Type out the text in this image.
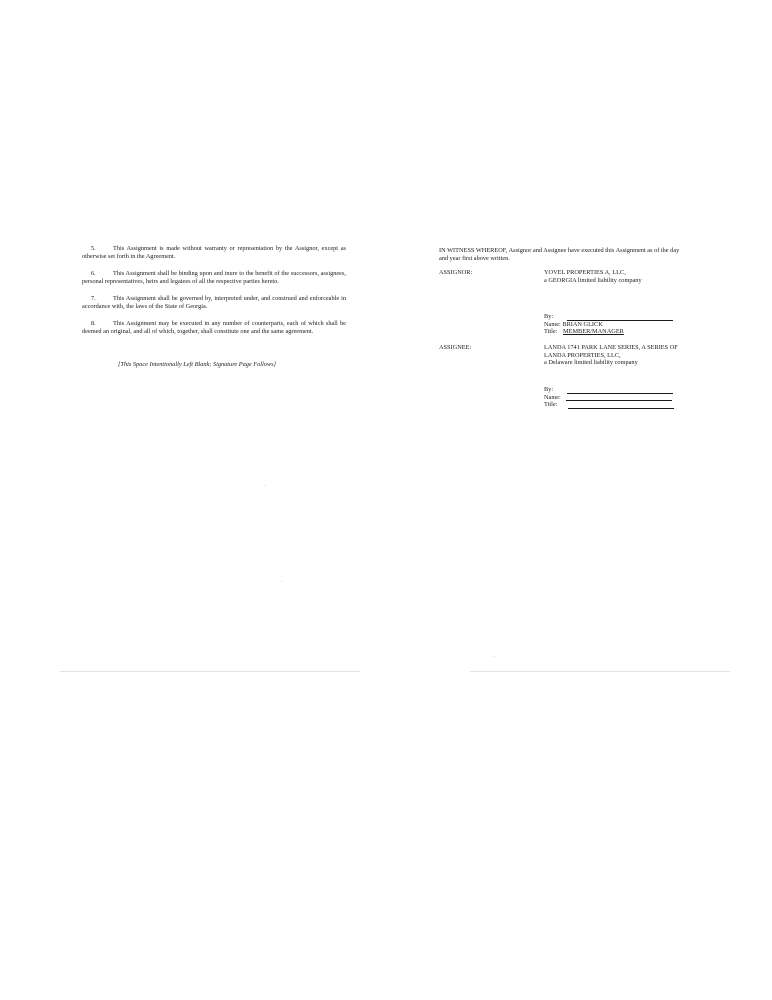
5.	This Assignment is made without warranty or representation by the Assignor, except as otherwise set forth in the Agreement.
6.	This Assignment shall be binding upon and inure to the benefit of the successors, assignees, personal representatives, heirs and legatees of all the respective parties hereto.
7.	This Assignment shall be governed by, interpreted under, and construed and enforceable in accordance with, the laws of the State of Georgia.
8.	This Assignment may be executed in any number of counterparts, each of which shall be deemed an original, and all of which, together, shall constitute one and the same agreement.
[This Space Intentionally Left Blank; Signature Page Follows]
IN WITNESS WHEREOF, Assignor and Assignee have executed this Assignment as of the day
and year first above written.
ASSIGNOR:	YOVEL PROPERTIES A, LLC,
a GEORGIA limited liability company
By:
Name: BRIAN GLICK
Title: MEMBER/MANAGER
ASSIGNEE:	LANDA 1741 PARK LANE SERIES, A SERIES OF
LANDA PROPERTIES, LLC,
a Delaware limited liability company
By:
Name:
Title:
